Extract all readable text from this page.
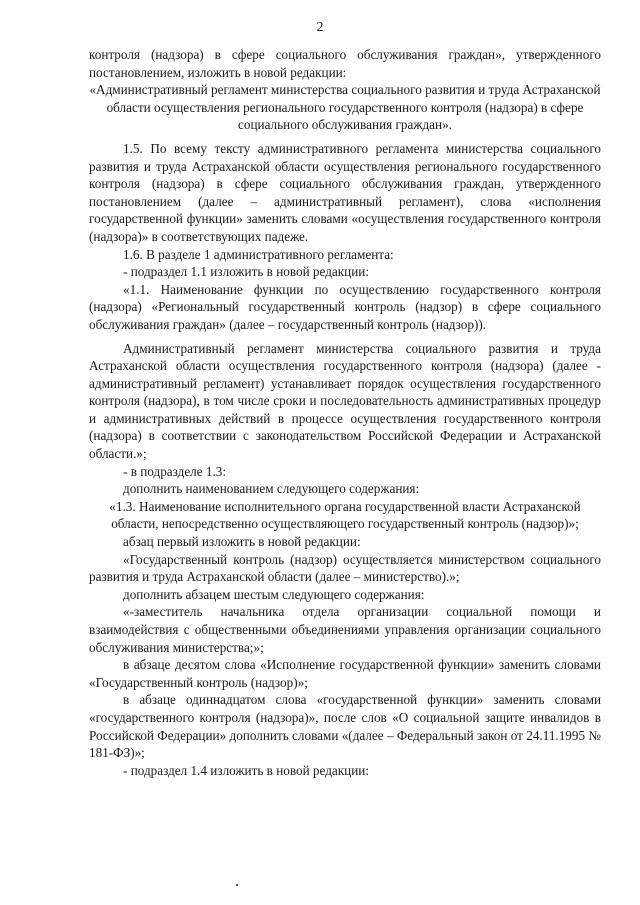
2

контроля (надзора) в сфере социального обслуживания граждан», утвержденного постановлением, изложить в новой редакции:

«Административный регламент министерства социального развития и труда Астраханской области осуществления регионального государственного контроля (надзора) в сфере социального обслуживания граждан».

1.5. По всему тексту административного регламента министерства социального развития и труда Астраханской области осуществления регионального государственного контроля (надзора) в сфере социального обслуживания граждан, утвержденного постановлением (далее – административный регламент), слова «исполнения государственной функции» заменить словами «осуществления государственного контроля (надзора)» в соответствующих падеже.

1.6. В разделе 1 административного регламента:

- подраздел 1.1 изложить в новой редакции:

«1.1. Наименование функции по осуществлению государственного контроля (надзора) «Региональный государственный контроль (надзор) в сфере социального обслуживания граждан» (далее – государственный контроль (надзор)).

Административный регламент министерства социального развития и труда Астраханской области осуществления государственного контроля (надзора) (далее - административный регламент) устанавливает порядок осуществления государственного контроля (надзора), в том числе сроки и последовательность административных процедур и административных действий в процессе осуществления государственного контроля (надзора) в соответствии с законодательством Российской Федерации и Астраханской области.»;

- в подразделе 1.3:

дополнить наименованием следующего содержания:

«1.3. Наименование исполнительного органа государственной власти Астраханской области, непосредственно осуществляющего государственный контроль (надзор)»;

абзац первый изложить в новой редакции:

«Государственный контроль (надзор) осуществляется министерством социального развития и труда Астраханской области (далее – министерство).»;

дополнить абзацем шестым следующего содержания:

«-заместитель начальника отдела организации социальной помощи и взаимодействия с общественными объединениями управления организации социального обслуживания министерства;»;

в абзаце десятом слова «Исполнение государственной функции» заменить словами «Государственный контроль (надзор)»;

в абзаце одиннадцатом слова «государственной функции» заменить словами «государственного контроля (надзора)», после слов «О социальной защите инвалидов в Российской Федерации» дополнить словами «(далее – Федеральный закон от 24.11.1995 № 181-ФЗ)»;

- подраздел 1.4 изложить в новой редакции:
